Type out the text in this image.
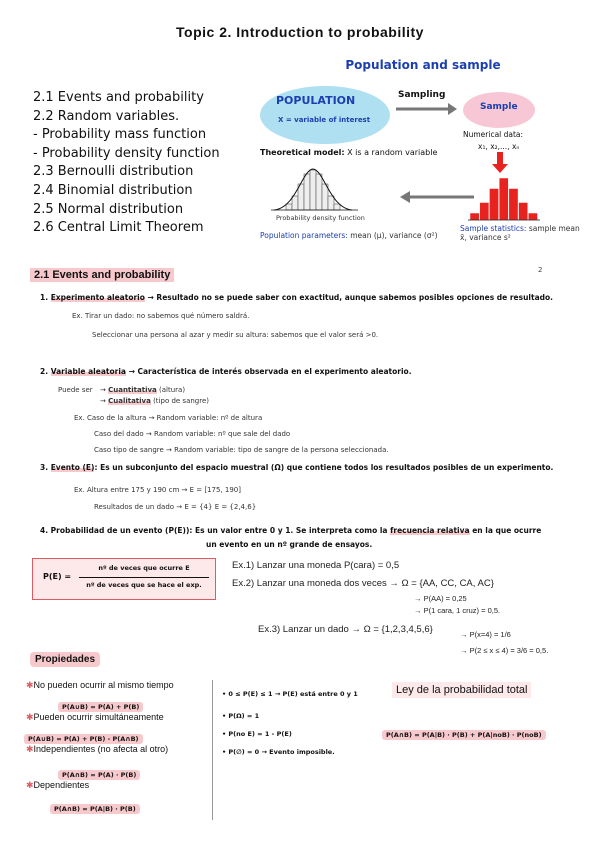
Topic 2. Introduction to probability
2.1 Events and probability
2.2 Random variables.
- Probability mass function
- Probability density function
2.3 Bernoulli distribution
2.4 Binomial distribution
2.5 Normal distribution
2.6 Central Limit Theorem
Population and sample
POPULATION
X = variable of interest
Sampling
Sample
Numerical data:
x₁, x₂,..., xₙ
Theoretical model: X is a random variable
Probability density function
Population parameters: mean (μ), variance (σ²)
Sample statistics: sample mean x̄, variance s²
2.1 Events and probability	2
1. Experimento aleatorio → Resultado no se puede saber con exactitud, aunque sabemos posibles opciones de resultado.
Ex. Tirar un dado: no sabemos qué número saldrá.
Seleccionar una persona al azar y medir su altura: sabemos que el valor será >0.
2. Variable aleatoria → Característica de interés observada en el experimento aleatorio.
Puede ser → Cuantitativa (altura)
→ Cualitativa (tipo de sangre)
Ex. Caso de la altura → Random variable: nº de altura
Caso del dado → Random variable: nº que sale del dado
Caso tipo de sangre → Random variable: tipo de sangre de la persona seleccionada.
3. Evento (E): Es un subconjunto del espacio muestral (Ω) que contiene todos los resultados posibles de un experimento.
Ex. Altura entre 175 y 190 cm → E = [175, 190]
Resultados de un dado → E = {4} E = {2,4,6}
4. Probabilidad de un evento (P(E)): Es un valor entre 0 y 1. Se interpreta como la frecuencia relativa en la que ocurre
un evento en un nº grande de ensayos.
P(E) =
nº de veces que ocurre E
nº de veces que se hace el exp.
Ex.1) Lanzar una moneda P(cara) = 0,5
Ex.2) Lanzar una moneda dos veces → Ω = {AA, CC, CA, AC}
→ P(AA) = 0,25
→ P(1 cara, 1 cruz) = 0,5.
Ex.3) Lanzar un dado → Ω = {1,2,3,4,5,6}	→ P(x=4) = 1/6
→ P(2 ≤ x ≤ 4) = 3/6 = 0,5.
Propiedades
✱No pueden ocurrir al mismo tiempo
P(A∪B) = P(A) + P(B)
✱Pueden ocurrir simultáneamente
P(A∪B) = P(A) + P(B) - P(A∩B)
✱Independientes (no afecta al otro)
P(A∩B) = P(A) · P(B)
✱Dependientes
P(A∩B) = P(A|B) · P(B)
• 0 ≤ P(E) ≤ 1 → P(E) está entre 0 y 1
• P(Ω) = 1
• P(no E) = 1 - P(E)
• P(∅) = 0 → Evento imposible.
Ley de la probabilidad total
P(A∩B) = P(A|B) · P(B) + P(A|noB) · P(noB)
